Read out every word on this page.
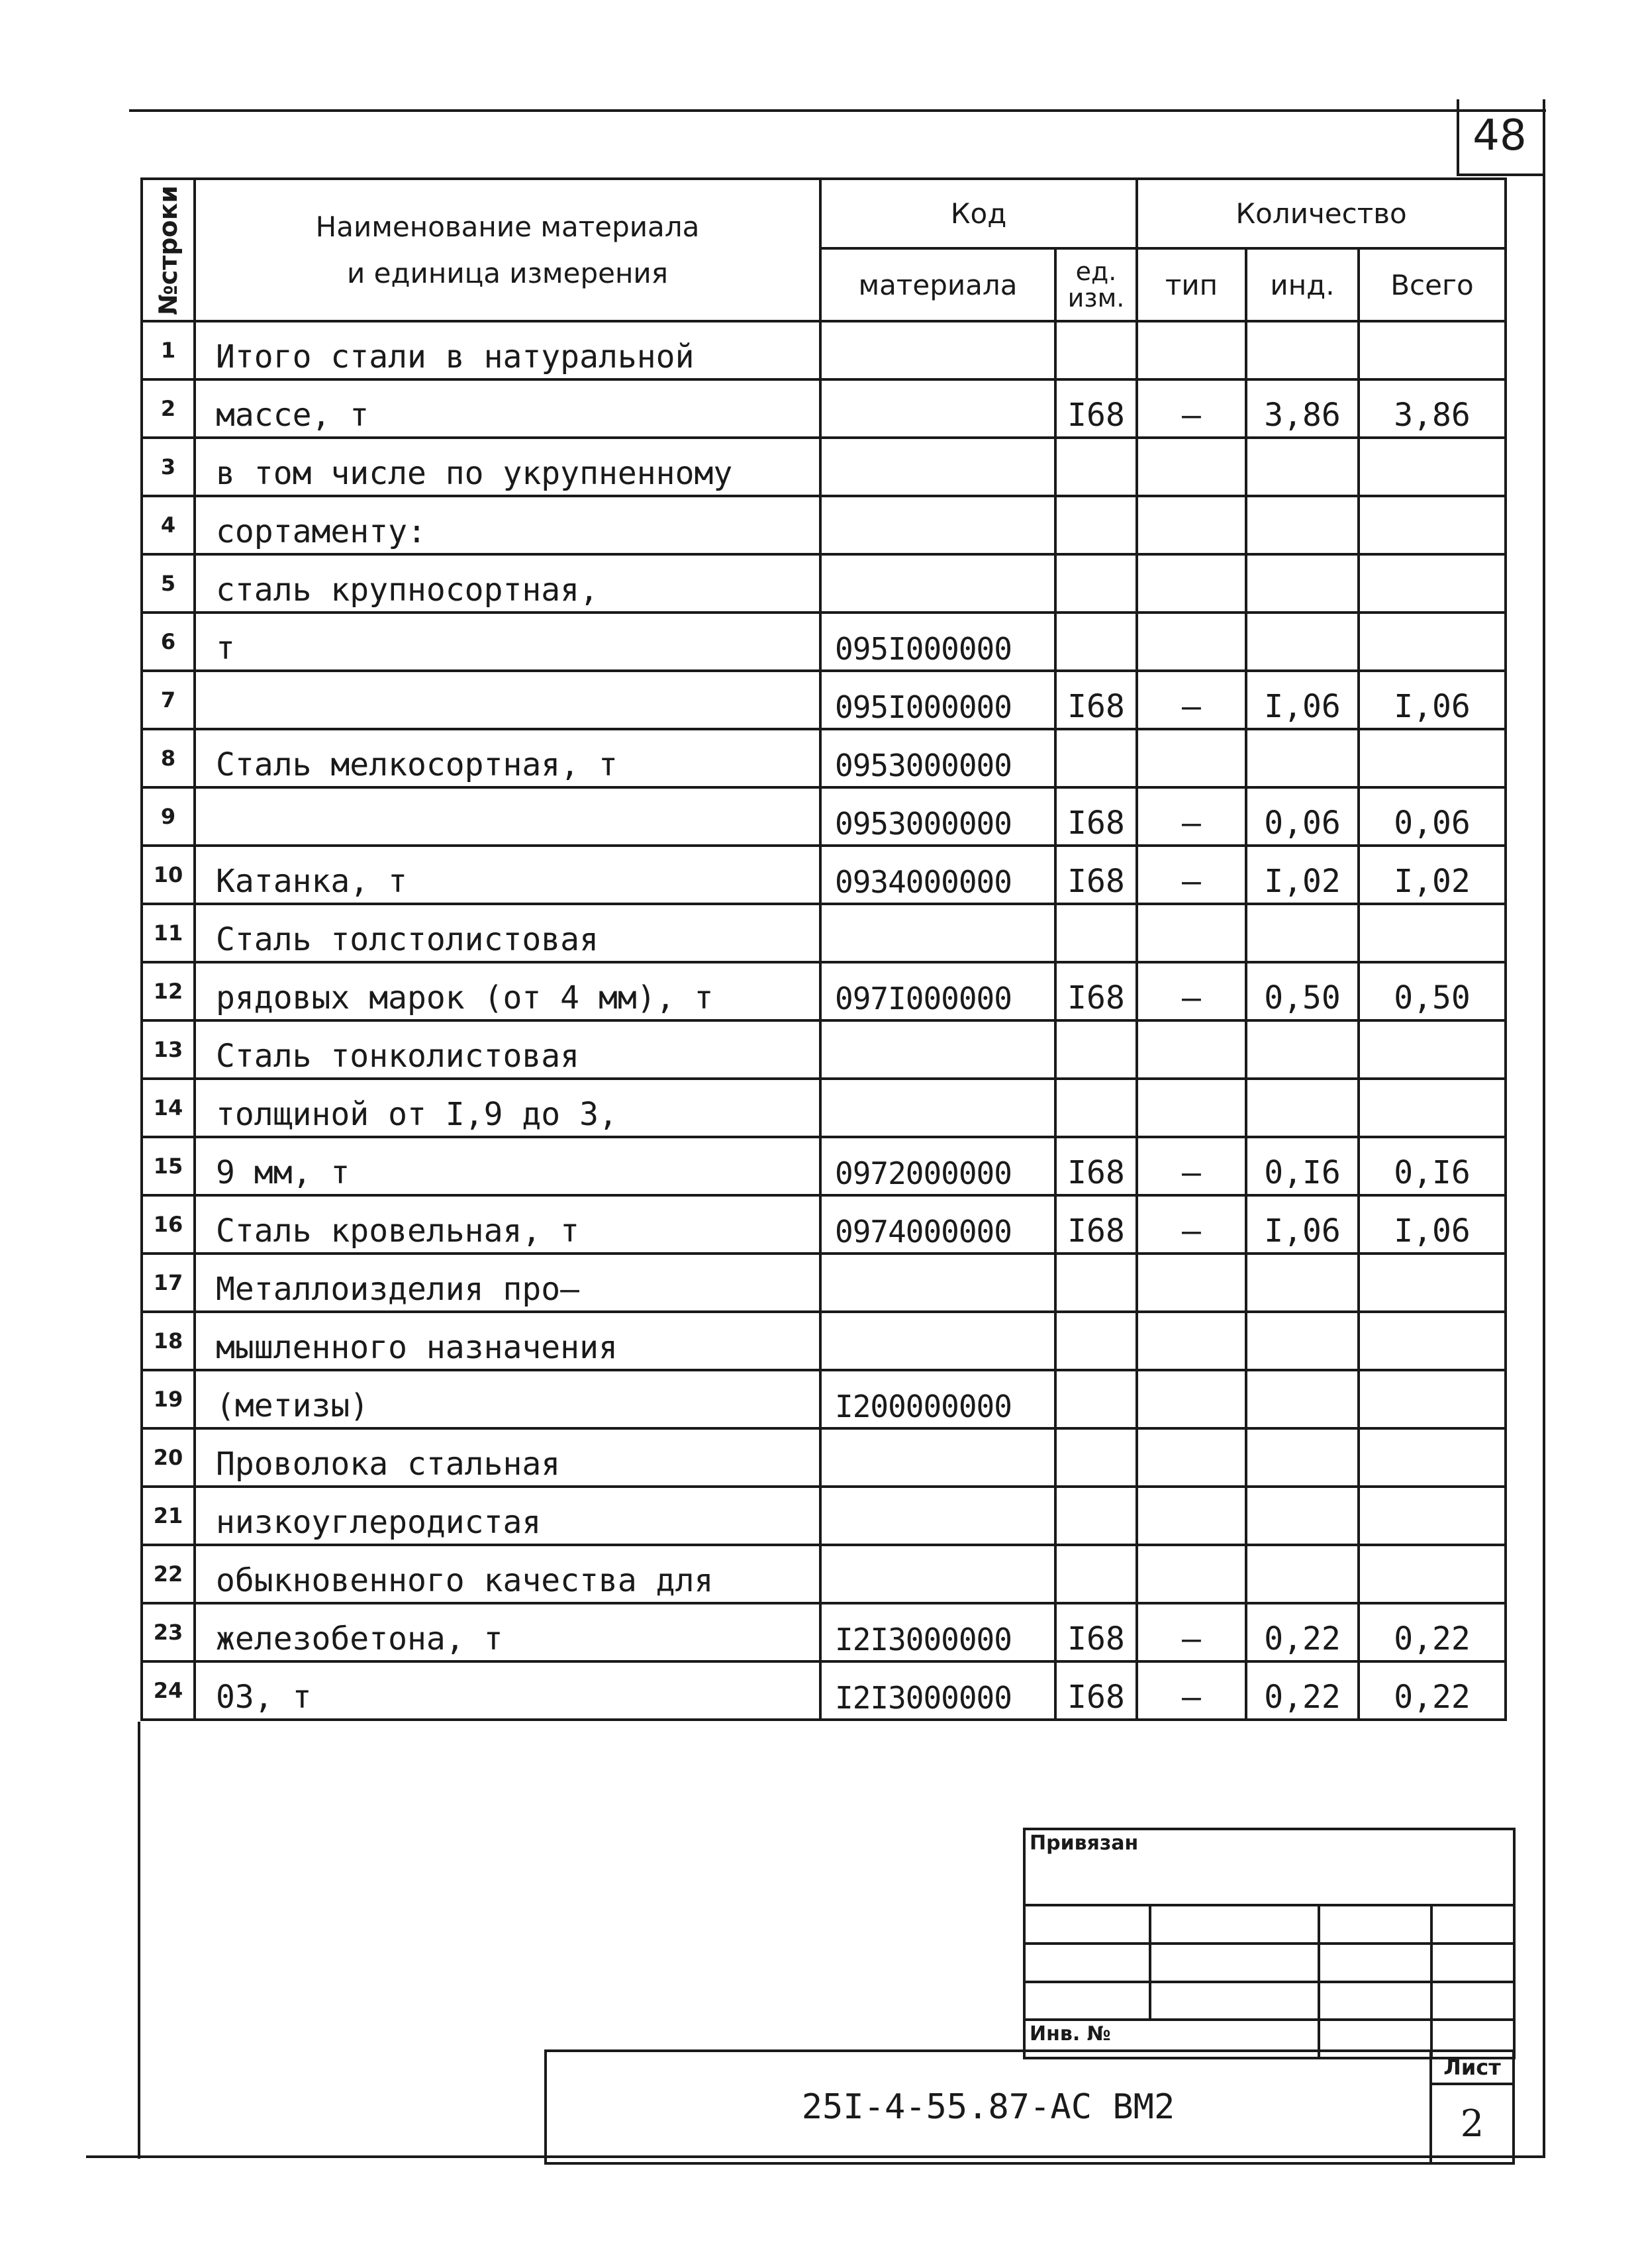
48
№строки	Наименование материала
и единица измерения	Код		Количество		
		материала	ед. изм.	тип	инд.	Всего
1	Итого стали в натуральной					
2	массе, т		I68	–	3,86	3,86
3	в том числе по укрупненному					
4	сортаменту:					
5	сталь крупносортная,					
6	т	095I000000				
7		095I000000	I68	–	I,06	I,06
8	Сталь мелкосортная, т	0953000000				
9		0953000000	I68	–	0,06	0,06
10	Катанка, т	0934000000	I68	–	I,02	I,02
11	Сталь толстолистовая					
12	рядовых марок (от 4 мм), т	097I000000	I68	–	0,50	0,50
13	Сталь тонколистовая					
14	толщиной от I,9 до 3,					
15	9 мм, т	0972000000	I68	–	0,I6	0,I6
16	Сталь кровельная, т	0974000000	I68	–	I,06	I,06
17	Металлоизделия про–					
18	мышленного назначения					
19	(метизы)	I200000000				
20	Проволока стальная					
21	низкоуглеродистая					
22	обыкновенного качества для					
23	железобетона, т	I2I3000000	I68	–	0,22	0,22
24	03, т	I2I3000000	I68	–	0,22	0,22
Привязан			

Инв. №			
25I-4-55.87-АС ВМ2	Лист
2
